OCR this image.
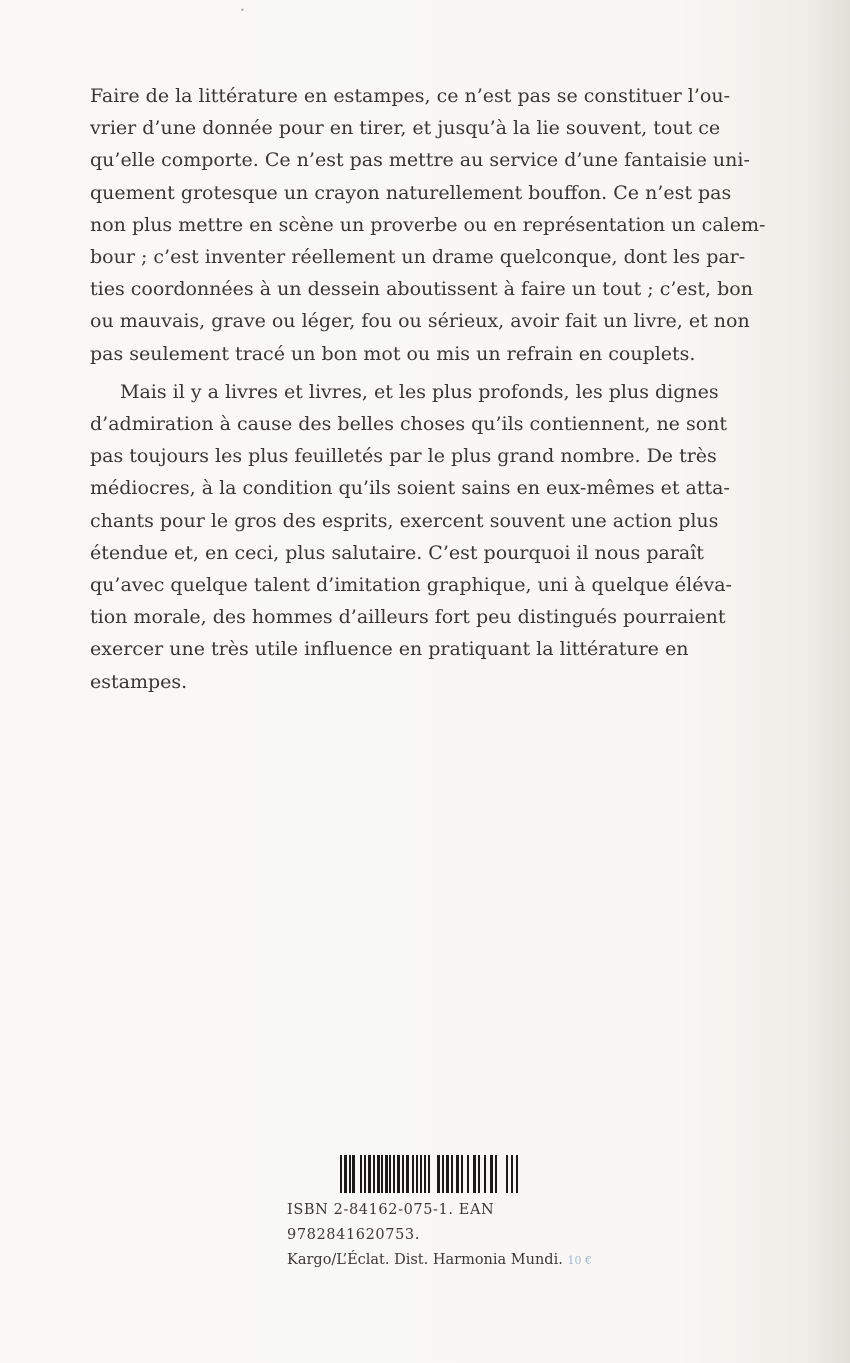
•
Faire de la littérature en estampes, ce n’est pas se constituer l’ou-
vrier d’une donnée pour en tirer, et jusqu’à la lie souvent, tout ce
qu’elle comporte. Ce n’est pas mettre au service d’une fantaisie uni-
quement grotesque un crayon naturellement bouffon. Ce n’est pas
non plus mettre en scène un proverbe ou en représentation un calem-
bour ; c’est inventer réellement un drame quelconque, dont les par-
ties coordonnées à un dessein aboutissent à faire un tout ; c’est, bon
ou mauvais, grave ou léger, fou ou sérieux, avoir fait un livre, et non
pas seulement tracé un bon mot ou mis un refrain en couplets.
Mais il y a livres et livres, et les plus profonds, les plus dignes
d’admiration à cause des belles choses qu’ils contiennent, ne sont
pas toujours les plus feuilletés par le plus grand nombre. De très
médiocres, à la condition qu’ils soient sains en eux-mêmes et atta-
chants pour le gros des esprits, exercent souvent une action plus
étendue et, en ceci, plus salutaire. C’est pourquoi il nous paraît
qu’avec quelque talent d’imitation graphique, uni à quelque éléva-
tion morale, des hommes d’ailleurs fort peu distingués pourraient
exercer une très utile influence en pratiquant la littérature en
estampes.
ISBN 2-84162-075-1. EAN 9782841620753.
Kargo/L’Éclat. Dist. Harmonia Mundi. 10 €
